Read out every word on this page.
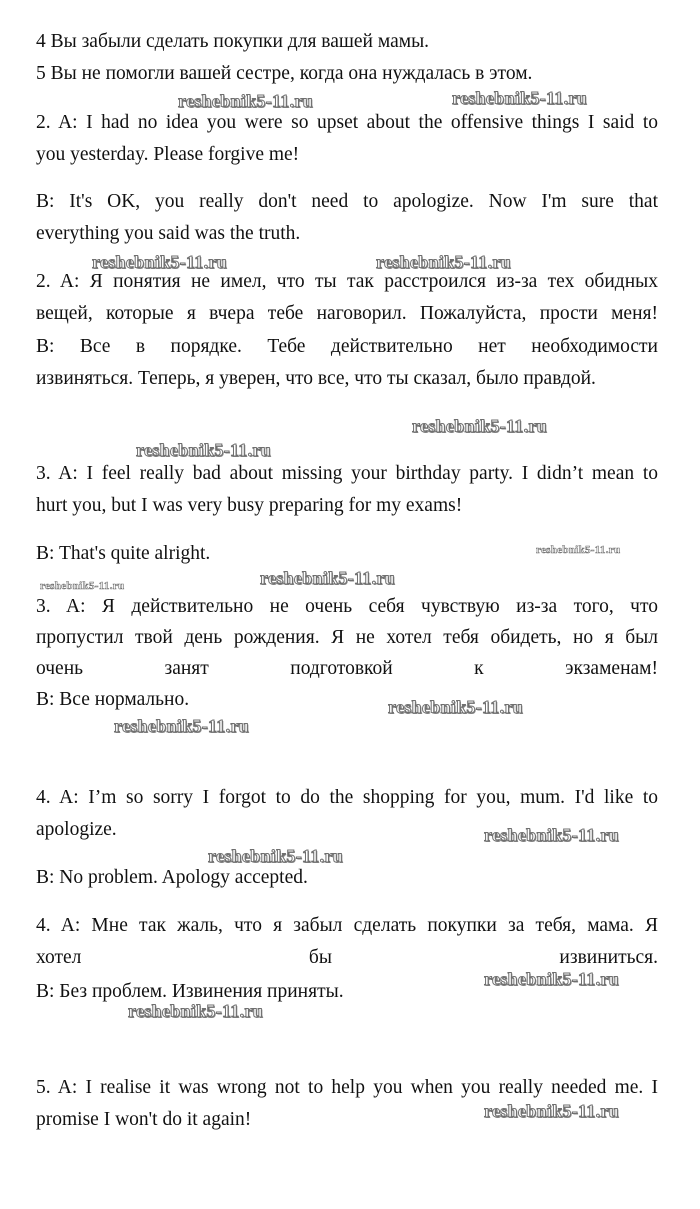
4 Вы забыли сделать покупки для вашей мамы.
5 Вы не помогли вашей сестре, когда она нуждалась в этом.
2. A: I had no idea you were so upset about the offensive things I said to
you yesterday. Please forgive me!
B: It's OK, you really don't need to apologize. Now I'm sure that
everything you said was the truth.
2. A: Я понятия не имел, что ты так расстроился из-за тех обидных
вещей, которые я вчера тебе наговорил. Пожалуйста, прости меня!
B: Все в порядке. Тебе действительно нет необходимости
извиняться. Теперь, я уверен, что все, что ты сказал, было правдой.
3. A: I feel really bad about missing your birthday party. I didn’t mean to
hurt you, but I was very busy preparing for my exams!
B: That's quite alright.
3. A: Я действительно не очень себя чувствую из-за того, что
пропустил твой день рождения. Я не хотел тебя обидеть, но я был
очень занят подготовкой к экзаменам!
B: Все нормально.
4. A: I’m so sorry I forgot to do the shopping for you, mum. I'd like to
apologize.
B: No problem. Apology accepted.
4. A: Мне так жаль, что я забыл сделать покупки за тебя, мама. Я
хотел бы извиниться.
B: Без проблем. Извинения приняты.
5. A: I realise it was wrong not to help you when you really needed me. I
promise I won't do it again!
reshebnik5-11.ru	reshebnik5-11.ru
reshebnik5-11.ru	reshebnik5-11.ru
reshebnik5-11.ru
reshebnik5-11.ru
reshebnik5-11.ru
reshebnik5-11.ru	reshebnik5-11.ru
reshebnik5-11.ru
reshebnik5-11.ru
reshebnik5-11.ru
reshebnik5-11.ru
reshebnik5-11.ru
reshebnik5-11.ru
reshebnik5-11.ru
